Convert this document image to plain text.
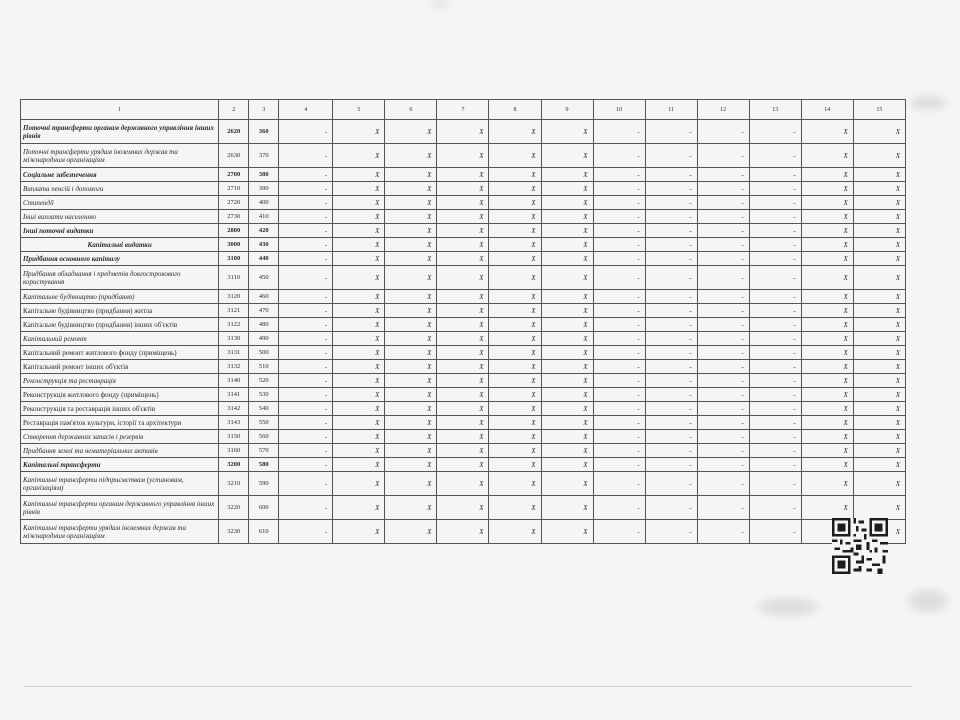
1	2	3	4	5	6	7	8	9	10	11	12	13	14	15
Поточні трансферти органам державного управління інших рівнів	2620	360	-	X	X	X	X	X	-	-	-	-	X	X
Поточні трансферти урядам іноземних держав та міжнародним організаціям	2630	370	-	X	X	X	X	X	-	-	-	-	X	X
Соціальне забезпечення	2700	380	-	X	X	X	X	X	-	-	-	-	X	X
Виплата пенсій і допомоги	2710	390	-	X	X	X	X	X	-	-	-	-	X	X
Стипендії	2720	400	-	X	X	X	X	X	-	-	-	-	X	X
Інші виплати населенню	2730	410	-	X	X	X	X	X	-	-	-	-	X	X
Інші поточні видатки	2800	420	-	X	X	X	X	X	-	-	-	-	X	X
Капітальні видатки	3000	430	-	X	X	X	X	X	-	-	-	-	X	X
Придбання основного капіталу	3100	440	-	X	X	X	X	X	-	-	-	-	X	X
Придбання обладнання і предметів довгострокового користування	3110	450	-	X	X	X	X	X	-	-	-	-	X	X
Капітальне будівництво (придбання)	3120	460	-	X	X	X	X	X	-	-	-	-	X	X
Капітальне будівництво (придбання) житла	3121	470	-	X	X	X	X	X	-	-	-	-	X	X
Капітальне будівництво (придбання) інших об'єктів	3122	480	-	X	X	X	X	X	-	-	-	-	X	X
Капітальний ремонт	3130	490	-	X	X	X	X	X	-	-	-	-	X	X
Капітальний ремонт житлового фонду (приміщень)	3131	500	-	X	X	X	X	X	-	-	-	-	X	X
Капітальний ремонт інших об'єктів	3132	510	-	X	X	X	X	X	-	-	-	-	X	X
Реконструкція та реставрація	3140	520	-	X	X	X	X	X	-	-	-	-	X	X
Реконструкція житлового фонду (приміщень)	3141	530	-	X	X	X	X	X	-	-	-	-	X	X
Реконструкція та реставрація інших об'єктів	3142	540	-	X	X	X	X	X	-	-	-	-	X	X
Реставрація пам'яток культури, історії та архітектури	3143	550	-	X	X	X	X	X	-	-	-	-	X	X
Створення державних запасів і резервів	3150	560	-	X	X	X	X	X	-	-	-	-	X	X
Придбання землі та нематеріальних активів	3160	570	-	X	X	X	X	X	-	-	-	-	X	X
Капітальні трансферти	3200	580	-	X	X	X	X	X	-	-	-	-	X	X
Капітальні трансферти підприємствам (установам, організаціям)	3210	590	-	X	X	X	X	X	-	-	-	-	X	X
Капітальні трансферти органам державного управління інших рівнів	3220	600	-	X	X	X	X	X	-	-	-	-	X	X
Капітальні трансферти урядам іноземних держав та міжнародним організаціям	3230	610	-	X	X	X	X	X	-	-	-	-		X
